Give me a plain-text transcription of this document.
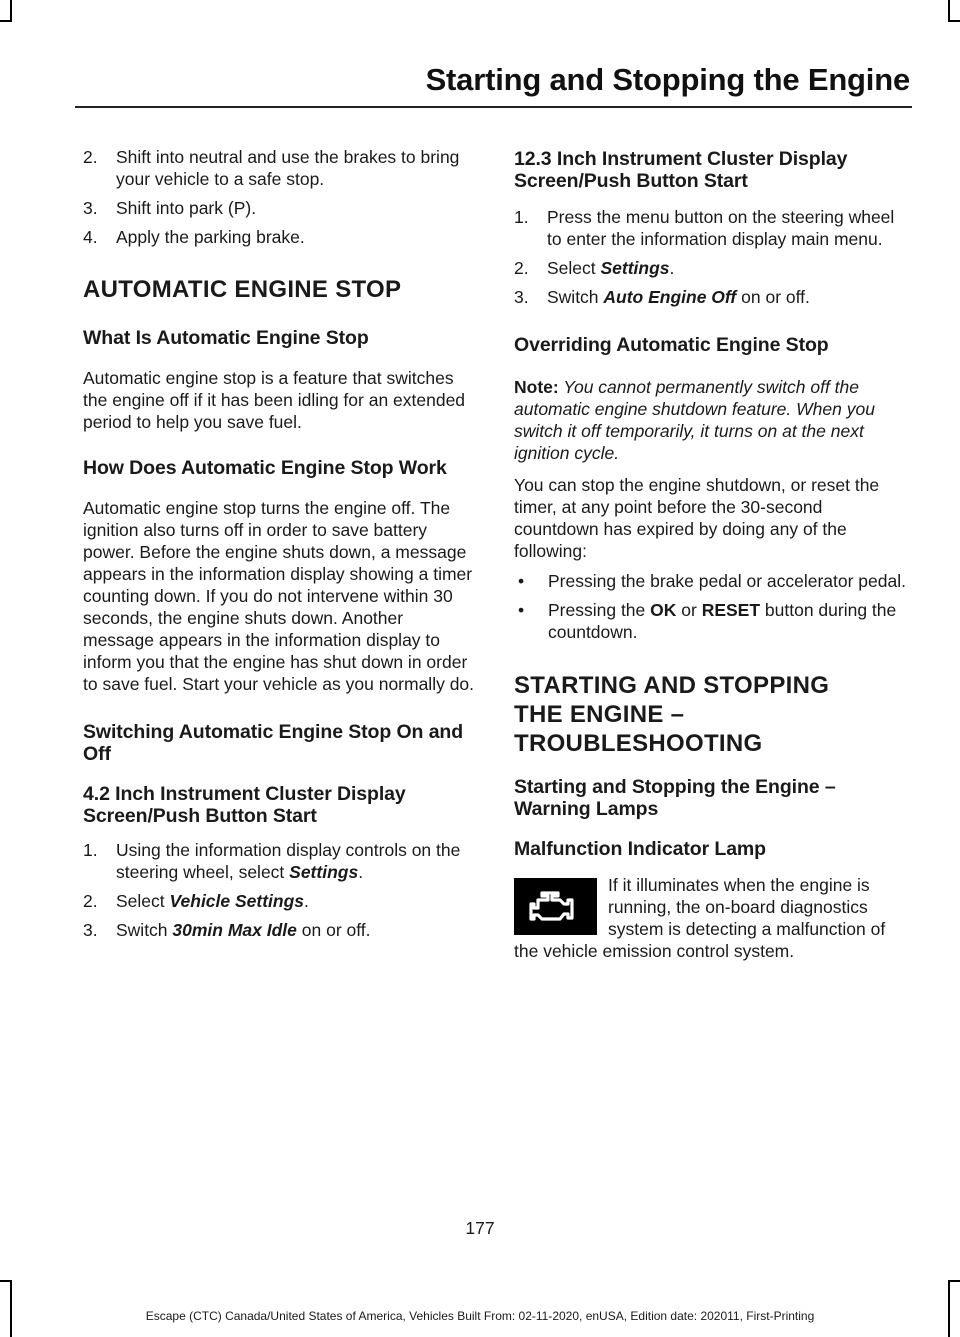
Starting and Stopping the Engine
2. Shift into neutral and use the brakes to bring your vehicle to a safe stop.
3. Shift into park (P).
4. Apply the parking brake.
AUTOMATIC ENGINE STOP
What Is Automatic Engine Stop

Automatic engine stop is a feature that switches the engine off if it has been idling for an extended period to help you save fuel.

How Does Automatic Engine Stop Work

Automatic engine stop turns the engine off. The ignition also turns off in order to save battery power. Before the engine shuts down, a message appears in the information display showing a timer counting down. If you do not intervene within 30 seconds, the engine shuts down. Another message appears in the information display to inform you that the engine has shut down in order to save fuel. Start your vehicle as you normally do.

Switching Automatic Engine Stop On and Off
4.2 Inch Instrument Cluster Display Screen/Push Button Start
1. Using the information display controls on the steering wheel, select Settings.
2. Select Vehicle Settings.
3. Switch 30min Max Idle on or off.
12.3 Inch Instrument Cluster Display Screen/Push Button Start
1. Press the menu button on the steering wheel to enter the information display main menu.
2. Select Settings.
3. Switch Auto Engine Off on or off.
Overriding Automatic Engine Stop

Note: You cannot permanently switch off the automatic engine shutdown feature. When you switch it off temporarily, it turns on at the next ignition cycle.

You can stop the engine shutdown, or reset the timer, at any point before the 30-second countdown has expired by doing any of the following:

• Pressing the brake pedal or accelerator pedal.
• Pressing the OK or RESET button during the countdown.
STARTING AND STOPPING
THE ENGINE –
TROUBLESHOOTING
Starting and Stopping the Engine – Warning Lamps
Malfunction Indicator Lamp

If it illuminates when the engine is running, the on-board diagnostics system is detecting a malfunction of the vehicle emission control system.

177

Escape (CTC) Canada/United States of America, Vehicles Built From: 02-11-2020, enUSA, Edition date: 202011, First-Printing
